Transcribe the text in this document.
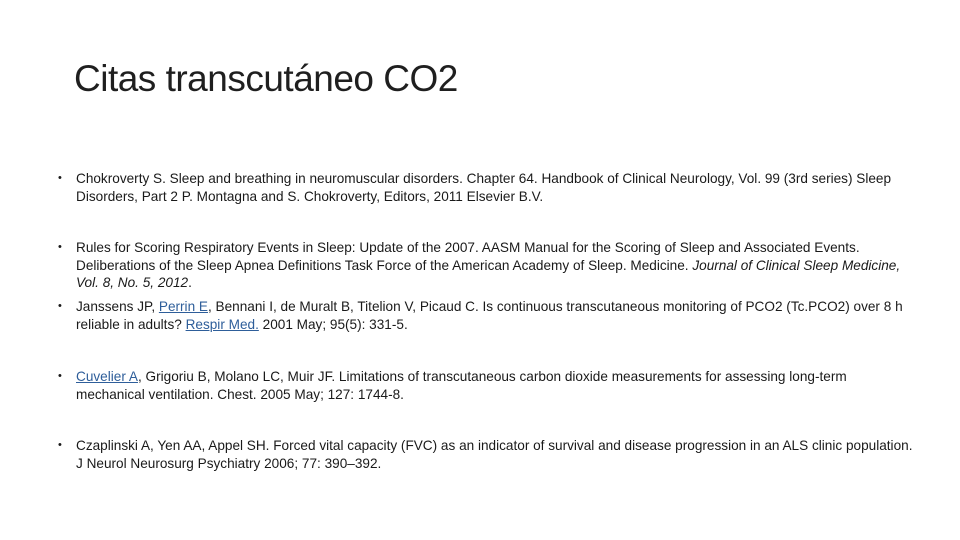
Citas transcutáneo CO2
• Chokroverty S. Sleep and breathing in neuromuscular disorders. Chapter 64. Handbook of Clinical Neurology, Vol. 99 (3rd series) Sleep Disorders, Part 2 P. Montagna and S. Chokroverty, Editors, 2011 Elsevier B.V.
• Rules for Scoring Respiratory Events in Sleep: Update of the 2007. AASM Manual for the Scoring of Sleep and Associated Events. Deliberations of the Sleep Apnea Definitions Task Force of the American Academy of Sleep. Medicine. Journal of Clinical Sleep Medicine, Vol. 8, No. 5, 2012.
• Janssens JP, Perrin E, Bennani I, de Muralt B, Titelion V, Picaud C. Is continuous transcutaneous monitoring of PCO2 (Tc.PCO2) over 8 h reliable in adults? Respir Med. 2001 May; 95(5): 331-5.
• Cuvelier A, Grigoriu B, Molano LC, Muir JF. Limitations of transcutaneous carbon dioxide measurements for assessing long-term mechanical ventilation. Chest. 2005 May; 127: 1744-8.
• Czaplinski A, Yen AA, Appel SH. Forced vital capacity (FVC) as an indicator of survival and disease progression in an ALS clinic population. J Neurol Neurosurg Psychiatry 2006; 77: 390–392.
